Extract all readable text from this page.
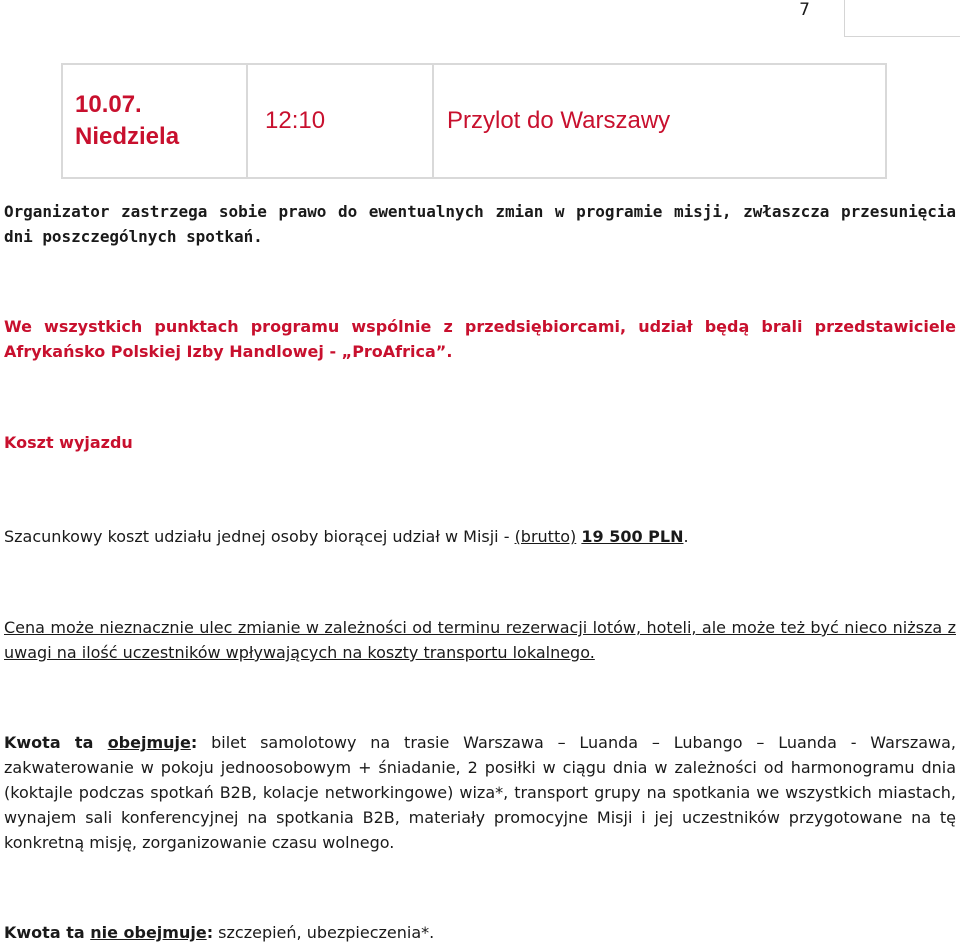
7
10.07.
Niedziela
	12:10	Przylot do Warszawy
Organizator zastrzega sobie prawo do ewentualnych zmian w programie misji, zwłaszcza przesunięcia dni poszczególnych spotkań.
We wszystkich punktach programu wspólnie z przedsiębiorcami, udział będą brali przedstawiciele Afrykańsko Polskiej Izby Handlowej - „ProAfrica”.
Koszt wyjazdu
Szacunkowy koszt udziału jednej osoby biorącej udział w Misji - (brutto) 19 500 PLN.
Cena może nieznacznie ulec zmianie w zależności od terminu rezerwacji lotów, hoteli, ale może też być nieco niższa z uwagi na ilość uczestników wpływających na koszty transportu lokalnego.
Kwota ta obejmuje: bilet samolotowy na trasie Warszawa – Luanda – Lubango – Luanda - Warszawa, zakwaterowanie w pokoju jednoosobowym + śniadanie, 2 posiłki w ciągu dnia w zależności od harmonogramu dnia (koktajle podczas spotkań B2B, kolacje networkingowe) wiza*, transport grupy na spotkania we wszystkich miastach, wynajem sali konferencyjnej na spotkania B2B, materiały promocyjne Misji i jej uczestników przygotowane na tę konkretną misję, zorganizowanie czasu wolnego.
Kwota ta nie obejmuje: szczepień, ubezpieczenia*.
